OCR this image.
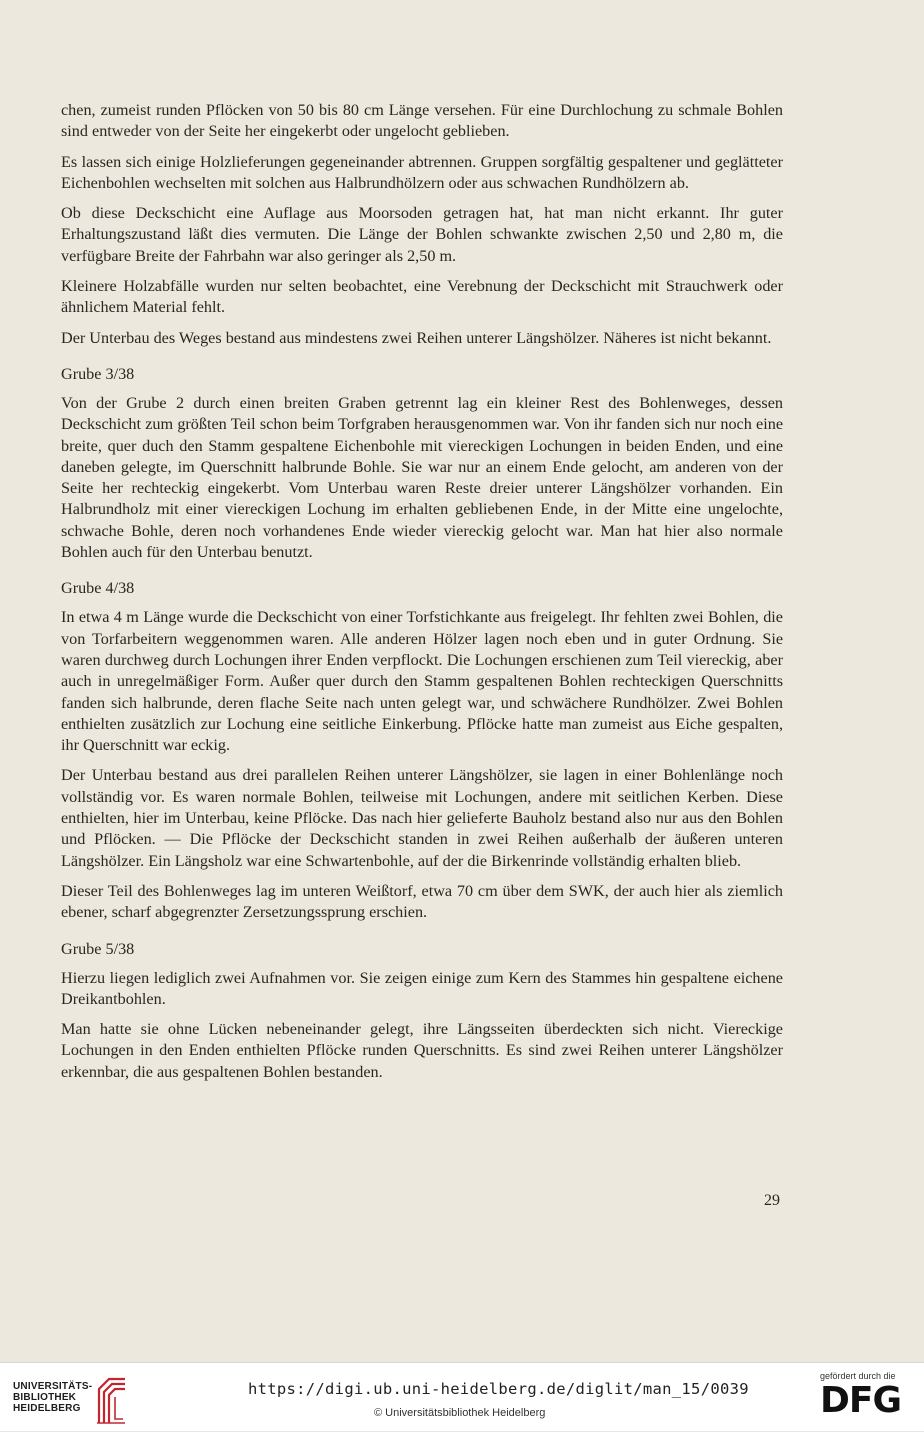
chen, zumeist runden Pflöcken von 50 bis 80 cm Länge versehen. Für eine Durchlochung zu schmale Bohlen sind entweder von der Seite her eingekerbt oder ungelocht geblieben.

Es lassen sich einige Holzlieferungen gegeneinander abtrennen. Gruppen sorgfältig gespaltener und geglätteter Eichenbohlen wechselten mit solchen aus Halbrundhölzern oder aus schwachen Rundhölzern ab.

Ob diese Deckschicht eine Auflage aus Moorsoden getragen hat, hat man nicht erkannt. Ihr guter Erhaltungszustand läßt dies vermuten. Die Länge der Bohlen schwankte zwischen 2,50 und 2,80 m, die verfügbare Breite der Fahrbahn war also geringer als 2,50 m.

Kleinere Holzabfälle wurden nur selten beobachtet, eine Verebnung der Deckschicht mit Strauchwerk oder ähnlichem Material fehlt.

Der Unterbau des Weges bestand aus mindestens zwei Reihen unterer Längshölzer. Näheres ist nicht bekannt.

Grube 3/38

Von der Grube 2 durch einen breiten Graben getrennt lag ein kleiner Rest des Bohlenweges, dessen Deckschicht zum größten Teil schon beim Torfgraben herausgenommen war. Von ihr fanden sich nur noch eine breite, quer duch den Stamm gespaltene Eichenbohle mit viereckigen Lochungen in beiden Enden, und eine daneben gelegte, im Querschnitt halbrunde Bohle. Sie war nur an einem Ende gelocht, am anderen von der Seite her rechteckig eingekerbt. Vom Unterbau waren Reste dreier unterer Längshölzer vorhanden. Ein Halbrundholz mit einer viereckigen Lochung im erhalten gebliebenen Ende, in der Mitte eine ungelochte, schwache Bohle, deren noch vorhandenes Ende wieder viereckig gelocht war. Man hat hier also normale Bohlen auch für den Unterbau benutzt.

Grube 4/38

In etwa 4 m Länge wurde die Deckschicht von einer Torfstichkante aus freigelegt. Ihr fehlten zwei Bohlen, die von Torfarbeitern weggenommen waren. Alle anderen Hölzer lagen noch eben und in guter Ordnung. Sie waren durchweg durch Lochungen ihrer Enden verpflockt. Die Lochungen erschienen zum Teil viereckig, aber auch in unregelmäßiger Form. Außer quer durch den Stamm gespaltenen Bohlen rechteckigen Querschnitts fanden sich halbrunde, deren flache Seite nach unten gelegt war, und schwächere Rundhölzer. Zwei Bohlen enthielten zusätzlich zur Lochung eine seitliche Einkerbung. Pflöcke hatte man zumeist aus Eiche gespalten, ihr Querschnitt war eckig.

Der Unterbau bestand aus drei parallelen Reihen unterer Längshölzer, sie lagen in einer Bohlenlänge noch vollständig vor. Es waren normale Bohlen, teilweise mit Lochungen, andere mit seitlichen Kerben. Diese enthielten, hier im Unterbau, keine Pflöcke. Das nach hier gelieferte Bauholz bestand also nur aus den Bohlen und Pflöcken. — Die Pflöcke der Deckschicht standen in zwei Reihen außerhalb der äußeren unteren Längshölzer. Ein Längsholz war eine Schwartenbohle, auf der die Birkenrinde vollständig erhalten blieb.

Dieser Teil des Bohlenweges lag im unteren Weißtorf, etwa 70 cm über dem SWK, der auch hier als ziemlich ebener, scharf abgegrenzter Zersetzungssprung erschien.

Grube 5/38

Hierzu liegen lediglich zwei Aufnahmen vor. Sie zeigen einige zum Kern des Stammes hin gespaltene eichene Dreikantbohlen.

Man hatte sie ohne Lücken nebeneinander gelegt, ihre Längsseiten überdeckten sich nicht. Viereckige Lochungen in den Enden enthielten Pflöcke runden Querschnitts. Es sind zwei Reihen unterer Längshölzer erkennbar, die aus gespaltenen Bohlen bestanden.

29
UNIVERSITÄTS-
BIBLIOTHEK
HEIDELBERG
https://digi.ub.uni-heidelberg.de/diglit/man_15/0039
© Universitätsbibliothek Heidelberg
gefördert durch die
DFG
